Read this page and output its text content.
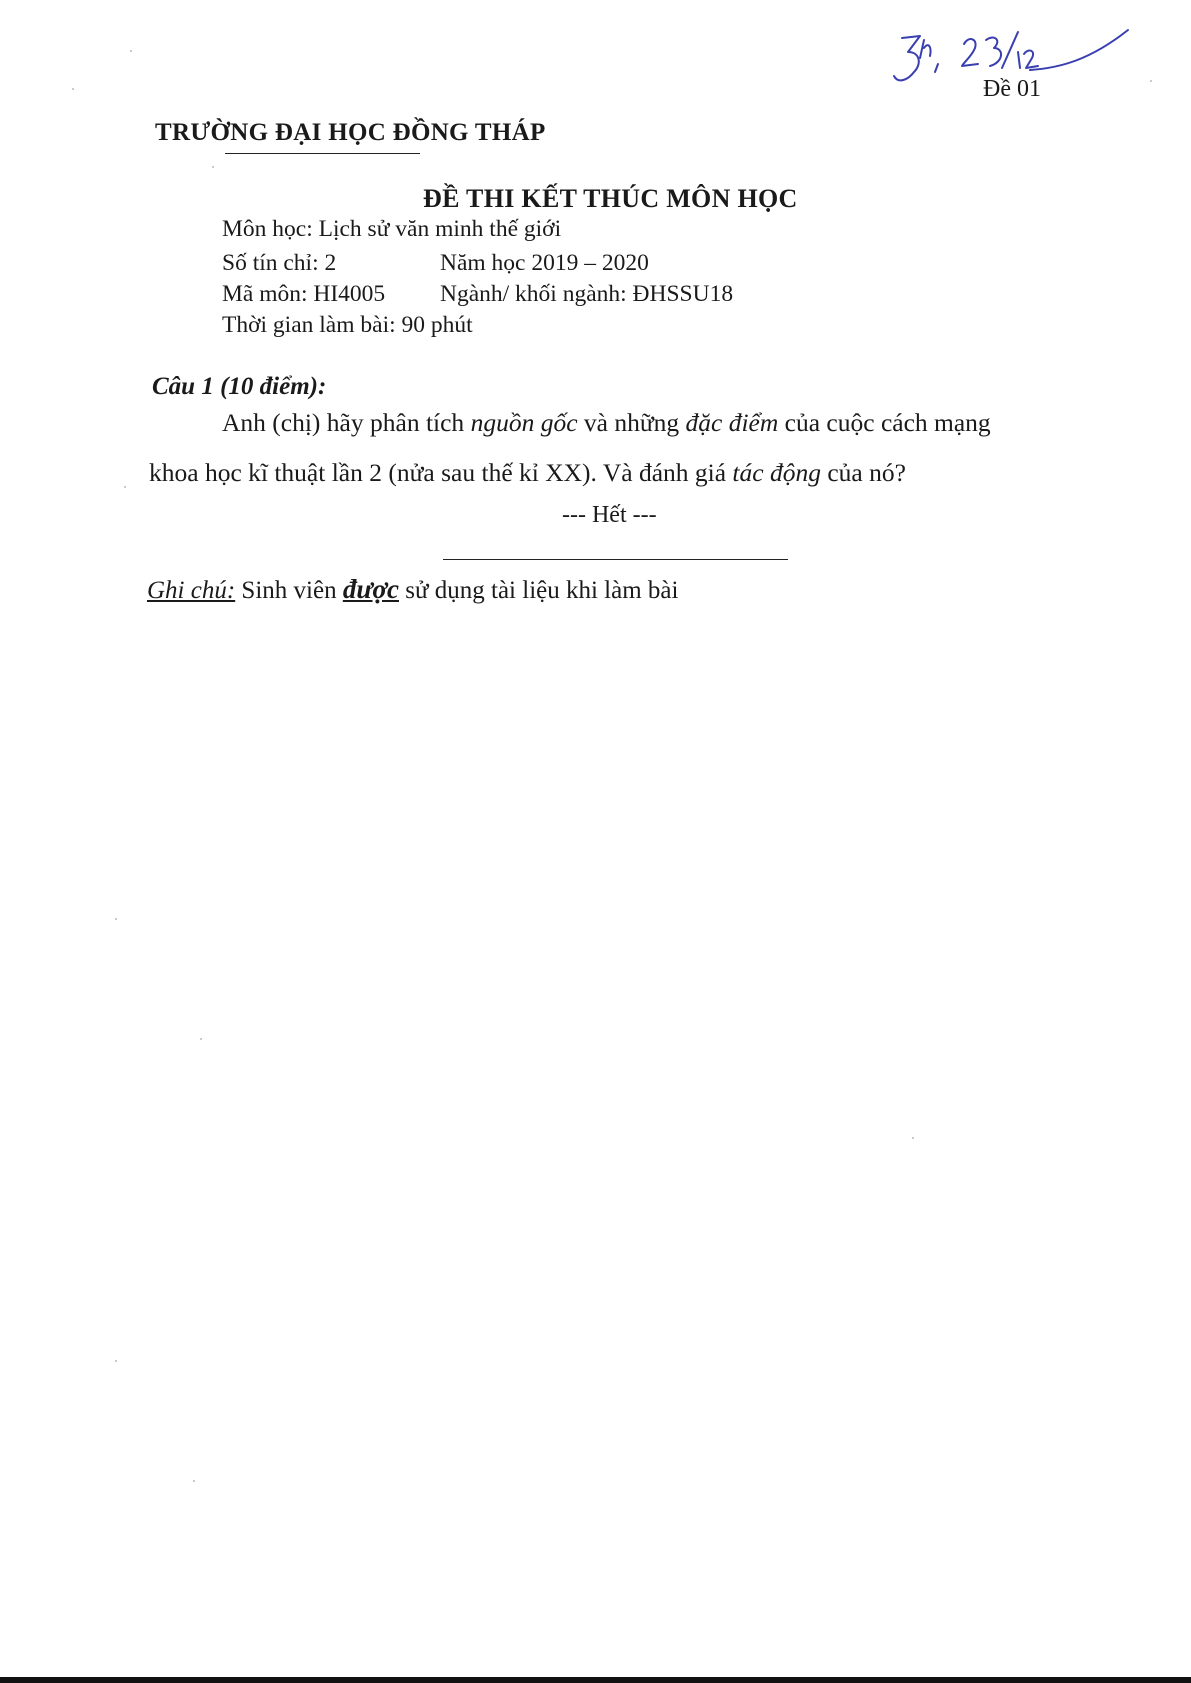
Đề 01
TRƯỜNG ĐẠI HỌC ĐỒNG THÁP
ĐỀ THI KẾT THÚC MÔN HỌC
Môn học: Lịch sử văn minh thế giới
Số tín chỉ: 2	Năm học 2019 – 2020
Mã môn: HI4005 Ngành/ khối ngành: ĐHSSU18
Thời gian làm bài: 90 phút
Câu 1 (10 điểm):
Anh (chị) hãy phân tích nguồn gốc và những đặc điểm của cuộc cách mạng
khoa học kĩ thuật lần 2 (nửa sau thế kỉ XX). Và đánh giá tác động của nó?
--- Hết ---
Ghi chú: Sinh viên được sử dụng tài liệu khi làm bài
